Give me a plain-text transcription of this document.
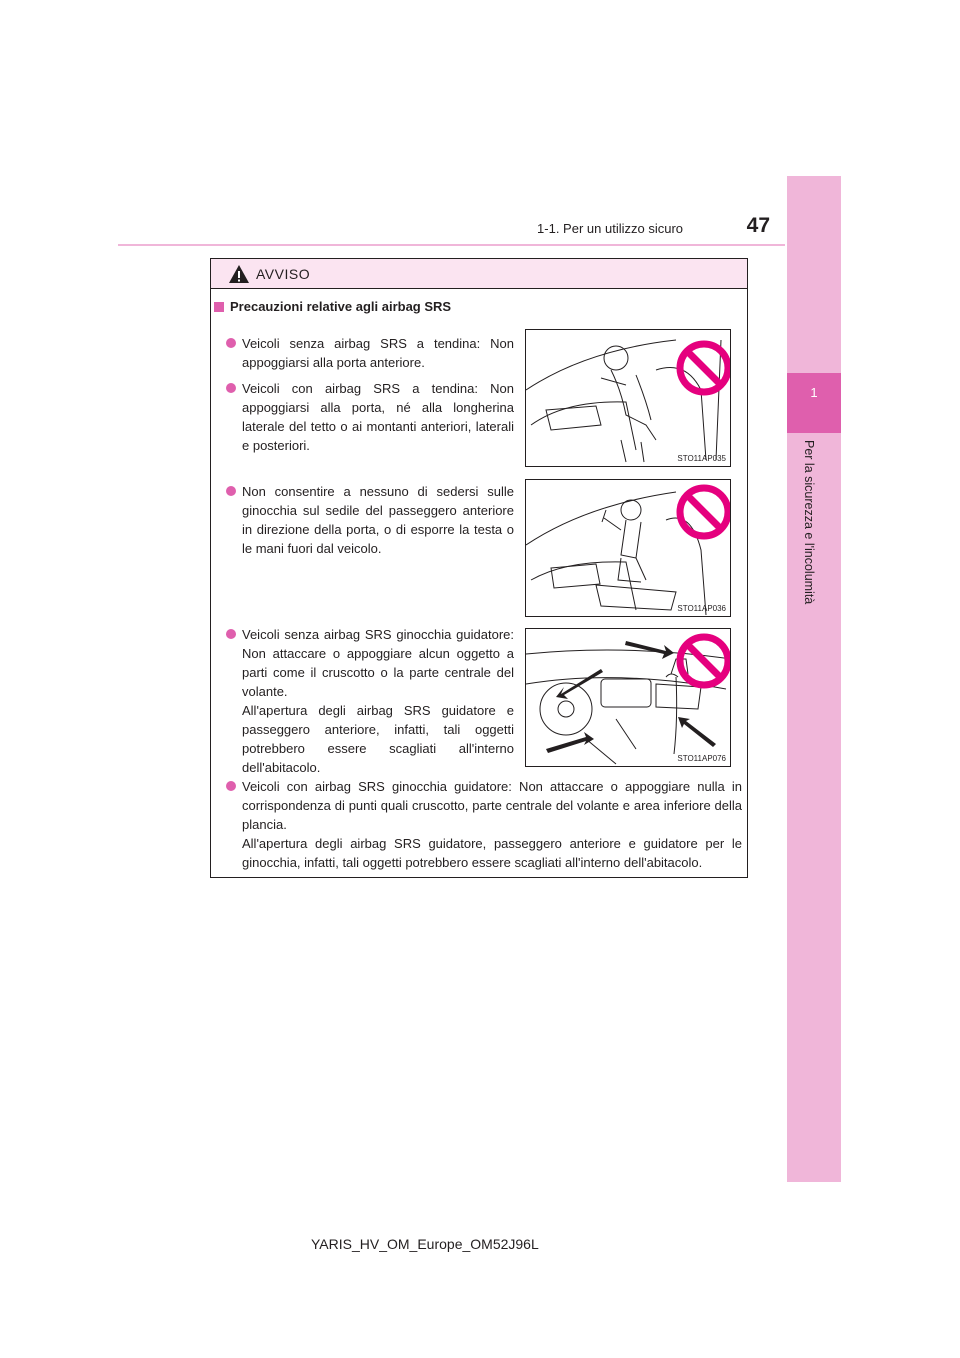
1
Per la sicurezza e l'incolumità
1-1. Per un utilizzo sicuro	47
AVVISO
Precauzioni relative agli airbag SRS
Veicoli senza airbag SRS a tendina: Non appoggiarsi alla porta anteriore.
Veicoli con airbag SRS a tendina: Non appoggiarsi alla porta, né alla longherina laterale del tetto o ai montanti anteriori, laterali e posteriori.
Non consentire a nessuno di sedersi sulle ginocchia sul sedile del passeggero anteriore in direzione della porta, o di esporre la testa o le mani fuori dal veicolo.
Veicoli senza airbag SRS ginocchia guidatore: Non attaccare o appoggiare alcun oggetto a parti come il cruscotto o la parte centrale del volante.
All'apertura degli airbag SRS guidatore e passeggero anteriore, infatti, tali oggetti potrebbero essere scagliati all'interno dell'abitacolo.
Veicoli con airbag SRS ginocchia guidatore: Non attaccare o appoggiare nulla in corrispondenza di punti quali cruscotto, parte centrale del volante e area inferiore della plancia.
All'apertura degli airbag SRS guidatore, passeggero anteriore e guidatore per le ginocchia, infatti, tali oggetti potrebbero essere scagliati all'interno dell'abitacolo.
STO11AP035
STO11AP036
STO11AP076
YARIS_HV_OM_Europe_OM52J96L
